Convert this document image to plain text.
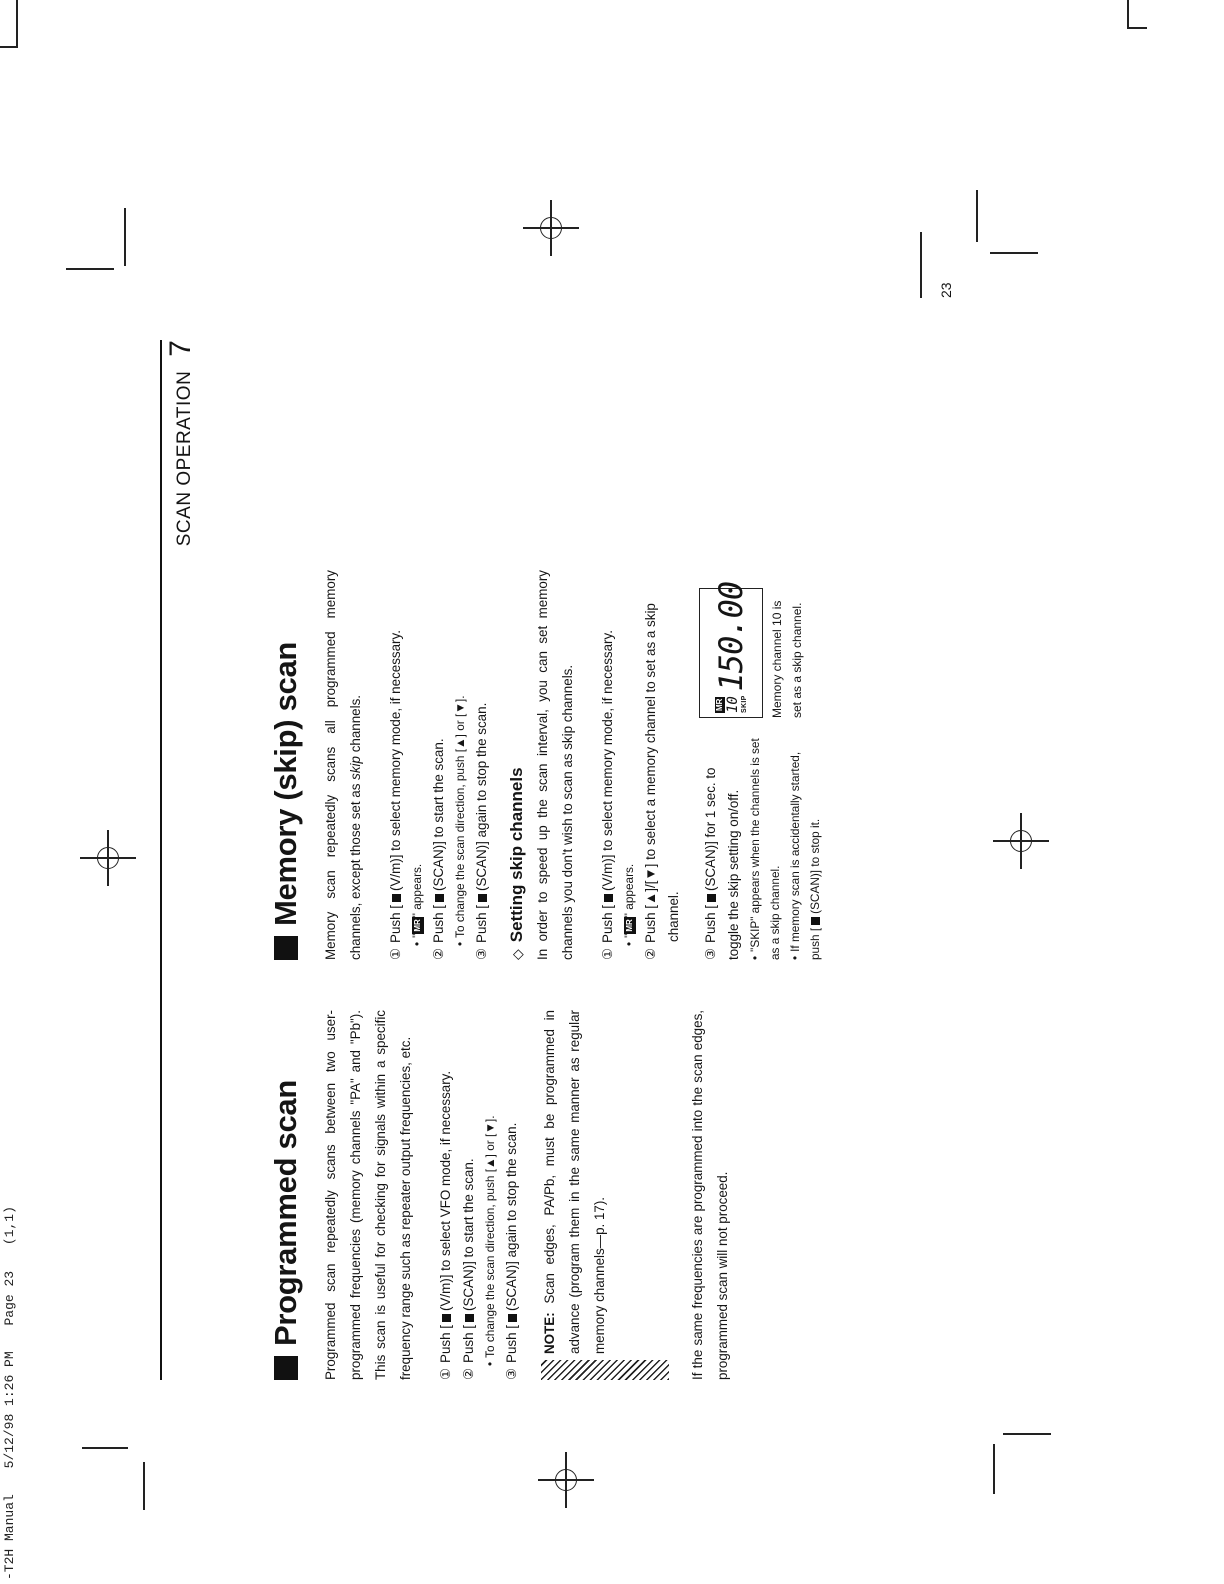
-T2H Manual 5/12/98 1:26 PM Page 23 (1,1)
23
SCAN OPERATION
7
Programmed scan	Programmed scan repeatedly scans between two user-programmed frequencies (memory channels "PA" and "Pb"). This scan is useful for checking for signals within a specific frequency range such as repeater output frequencies, etc.	①Push [(V/m)] to select VFO mode, if necessary.
②Push [(SCAN)] to start the scan.
•To change the scan direction, push [▲] or [▼].
③Push [(SCAN)] again to stop the scan.

NOTE: Scan edges, PA/Pb, must be programmed in advance (program them in the same manner as regular memory channels—p. 17).	If the same frequencies are programmed into the scan edges, programmed scan will not proceed.

Memory (skip) scan	Memory scan repeatedly scans all programmed memory channels, except those set as skip channels.

①Push [(V/m)] to select memory mode, if necessary.
•"MR" appears.
②Push [(SCAN)] to start the scan.
•To change the scan direction, push [▲] or [▼].
③Push [(SCAN)] again to stop the scan.
◇
Setting skip channels In order to speed up the scan interval, you can set memory channels you don't wish to scan as skip channels.	①Push [(V/m)] to select memory mode, if necessary.
•"MR" appears.
②Push [▲]/[▼] to select a memory channel to set as a skip channel.
③Push [(SCAN)] for 1 sec. to toggle the skip setting on/off. •"SKIP" appears when the channels is set as a skip channel. •If memory scan is accidentally started, push [(SCAN)] to stop it.
MR 10 SKIP
150.00 Memory channel 10 is set as a skip channel.
